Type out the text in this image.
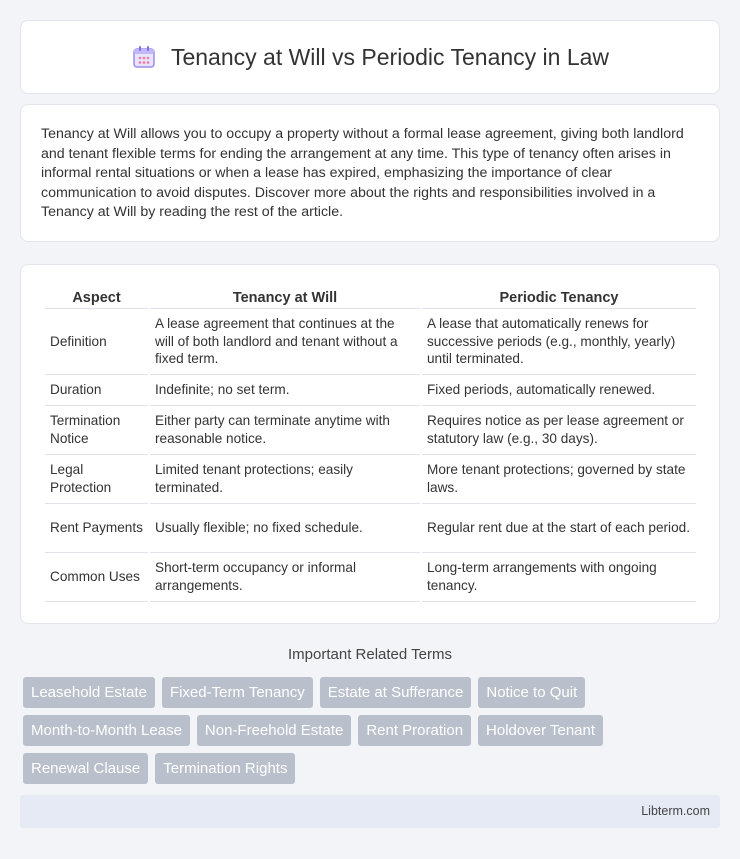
Tenancy at Will vs Periodic Tenancy in Law

Tenancy at Will allows you to occupy a property without a formal lease agreement, giving both landlord and tenant flexible terms for ending the arrangement at any time. This type of tenancy often arises in informal rental situations or when a lease has expired, emphasizing the importance of clear communication to avoid disputes. Discover more about the rights and responsibilities involved in a Tenancy at Will by reading the rest of the article.

Aspect	Tenancy at Will	Periodic Tenancy
Definition	A lease agreement that continues at the will of both landlord and tenant without a fixed term.	A lease that automatically renews for successive periods (e.g., monthly, yearly) until terminated.
Duration	Indefinite; no set term.	Fixed periods, automatically renewed.
Termination Notice	Either party can terminate anytime with reasonable notice.	Requires notice as per lease agreement or statutory law (e.g., 30 days).
Legal Protection	Limited tenant protections; easily terminated.	More tenant protections; governed by state laws.
Rent Payments	Usually flexible; no fixed schedule.	Regular rent due at the start of each period.
Common Uses	Short-term occupancy or informal arrangements.	Long-term arrangements with ongoing tenancy.
Important Related Terms
Leasehold Estate	Fixed-Term Tenancy	Estate at Sufferance	Notice to Quit
Month-to-Month Lease	Non-Freehold Estate	Rent Proration	Holdover Tenant
Renewal Clause	Termination Rights
Libterm.com
